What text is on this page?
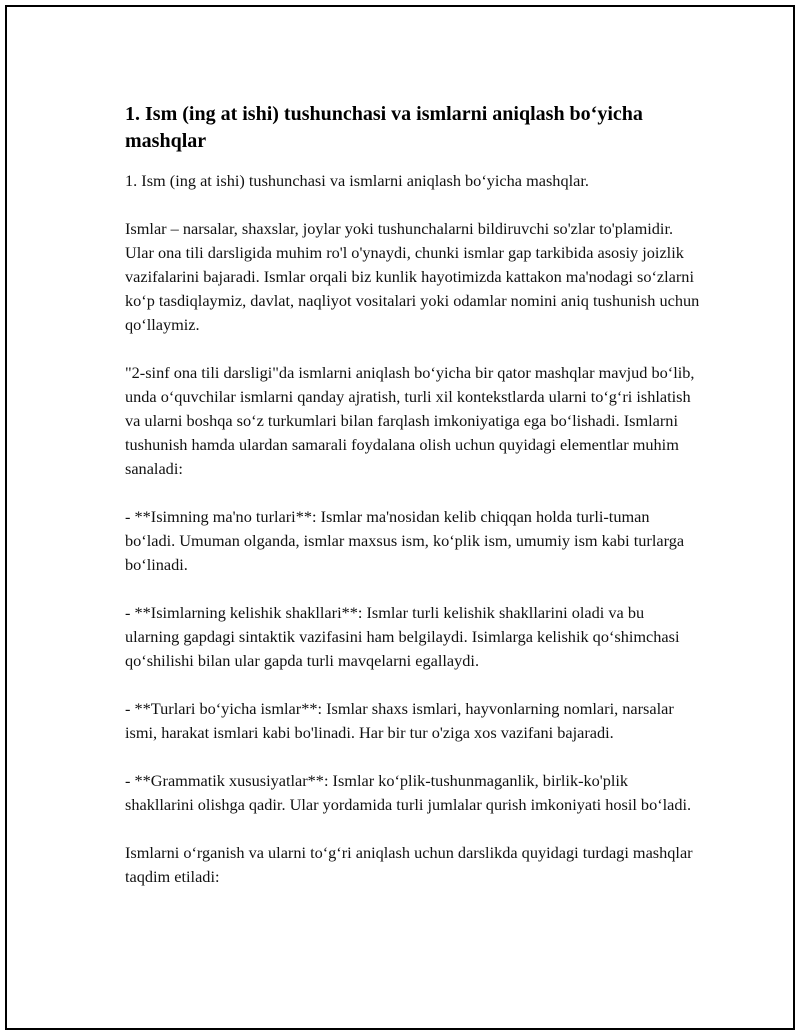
1. Ism (ing at ishi) tushunchasi va ismlarni aniqlash bo‘yicha mashqlar

1. Ism (ing at ishi) tushunchasi va ismlarni aniqlash bo‘yicha mashqlar.

Ismlar – narsalar, shaxslar, joylar yoki tushunchalarni bildiruvchi so'zlar to'plamidir. Ular ona tili darsligida muhim ro'l o'ynaydi, chunki ismlar gap tarkibida asosiy joizlik vazifalarini bajaradi. Ismlar orqali biz kunlik hayotimizda kattakon ma'nodagi so‘zlarni ko‘p tasdiqlaymiz, davlat, naqliyot vositalari yoki odamlar nomini aniq tushunish uchun qo‘llaymiz.

"2-sinf ona tili darsligi"da ismlarni aniqlash bo‘yicha bir qator mashqlar mavjud bo‘lib, unda o‘quvchilar ismlarni qanday ajratish, turli xil kontekstlarda ularni to‘g‘ri ishlatish va ularni boshqa so‘z turkumlari bilan farqlash imkoniyatiga ega bo‘lishadi. Ismlarni tushunish hamda ulardan samarali foydalana olish uchun quyidagi elementlar muhim sanaladi:

- **Isimning ma'no turlari**: Ismlar ma'nosidan kelib chiqqan holda turli-tuman bo‘ladi. Umuman olganda, ismlar maxsus ism, ko‘plik ism, umumiy ism kabi turlarga bo‘linadi.

- **Isimlarning kelishik shakllari**: Ismlar turli kelishik shakllarini oladi va bu ularning gapdagi sintaktik vazifasini ham belgilaydi. Isimlarga kelishik qo‘shimchasi qo‘shilishi bilan ular gapda turli mavqelarni egallaydi.

- **Turlari bo‘yicha ismlar**: Ismlar shaxs ismlari, hayvonlarning nomlari, narsalar ismi, harakat ismlari kabi bo'linadi. Har bir tur o'ziga xos vazifani bajaradi.

- **Grammatik xususiyatlar**: Ismlar ko‘plik-tushunmaganlik, birlik-ko'plik shakllarini olishga qadir. Ular yordamida turli jumlalar qurish imkoniyati hosil bo‘ladi.

Ismlarni o‘rganish va ularni to‘g‘ri aniqlash uchun darslikda quyidagi turdagi mashqlar taqdim etiladi:
